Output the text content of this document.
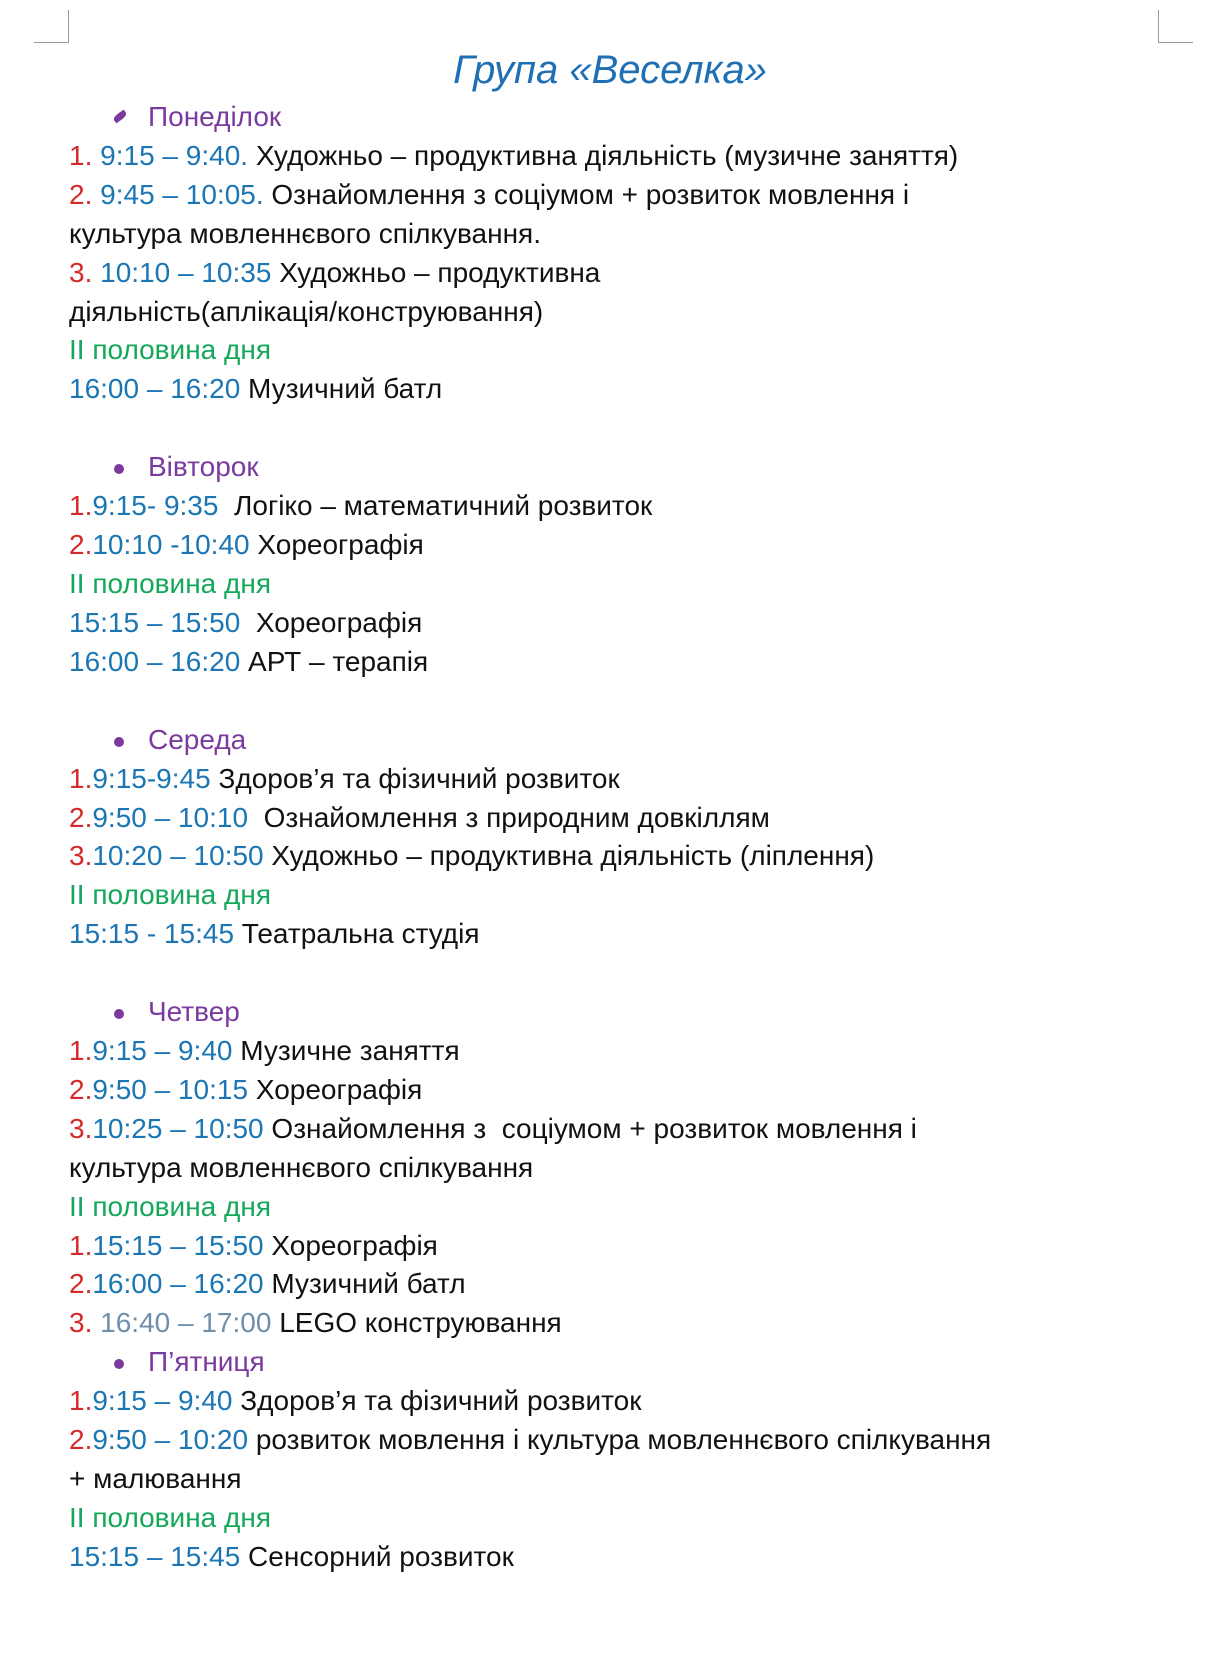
Група «Веселка»
Понеділок
1. 9:15 – 9:40. Художньо – продуктивна діяльність (музичне заняття)
2. 9:45 – 10:05. Ознайомлення з соціумом + розвиток мовлення і
культура мовленнєвого спілкування.
3. 10:10 – 10:35 Художньо – продуктивна
діяльність(аплікація/конструювання)
ІІ половина дня
16:00 – 16:20 Музичний батл
Вівторок
1.9:15- 9:35  Логіко – математичний розвиток
2.10:10 -10:40 Хореографія
ІІ половина дня
15:15 – 15:50  Хореографія
16:00 – 16:20 АРТ – терапія
Середа
1.9:15-9:45 Здоров’я та фізичний розвиток
2.9:50 – 10:10  Ознайомлення з природним довкіллям
3.10:20 – 10:50 Художньо – продуктивна діяльність (ліплення)
ІІ половина дня
15:15 - 15:45 Театральна студія
Четвер
1.9:15 – 9:40 Музичне заняття
2.9:50 – 10:15 Хореографія
3.10:25 – 10:50 Ознайомлення з  соціумом + розвиток мовлення і
культура мовленнєвого спілкування
ІІ половина дня
1.15:15 – 15:50 Хореографія
2.16:00 – 16:20 Музичний батл
3. 16:40 – 17:00 LEGO конструювання
П’ятниця
1.9:15 – 9:40 Здоров’я та фізичний розвиток
2.9:50 – 10:20 розвиток мовлення і культура мовленнєвого спілкування
+ малювання
ІІ половина дня
15:15 – 15:45 Сенсорний розвиток
